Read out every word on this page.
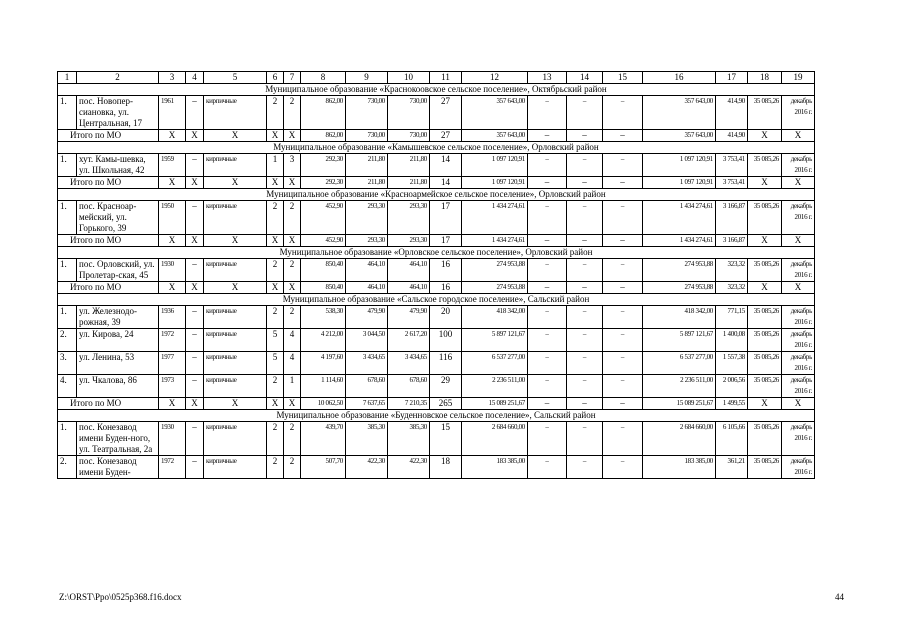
1	2	3	4	5	6	7	8	9	10	11	12	13	14	15	16	17	18	19
Муниципальное образование «Краснокоовское сельское поселение», Октябрьский район																		
1.	пос. Новопер-сиановка, ул. Центральная, 17	1961	–	кирпичные	2	2	862,00	730,00	730,00	27	357 643,00	–	–	–	357 643,00	414,90	35 085,26	декабрь 2016 г.
Итого по МО		X	X	X	X	X	862,00	730,00	730,00	27	357 643,00	–	–	–	357 643,00	414,90	X	X
Муниципальное образование «Камышевское сельское поселение», Орловский район																		
1.	хут. Камы-шевка, ул. Школьная, 42	1959	–	кирпичные	1	3	292,30	211,80	211,80	14	1 097 120,91	–	–	–	1 097 120,91	3 753,41	35 085,26	декабрь 2016 г.
Итого по МО		X	X	X	X	X	292,30	211,80	211,80	14	1 097 120,91	–	–	–	1 097 120,91	3 753,41	X	X
Муниципальное образование «Красноармейское сельское поселение», Орловский район																		
1.	пос. Красноар-мейский, ул. Горького, 39	1950	–	кирпичные	2	2	452,90	293,30	293,30	17	1 434 274,61	–	–	–	1 434 274,61	3 166,87	35 085,26	декабрь 2016 г.
Итого по МО		X	X	X	X	X	452,90	293,30	293,30	17	1 434 274,61	–	–	–	1 434 274,61	3 166,87	X	X
Муниципальное образование «Орловское сельское поселение», Орловский район																		
1.	пос. Орловский, ул. Пролетар-ская, 45	1930	–	кирпичные	2	2	850,40	464,10	464,10	16	274 953,88	–	–	–	274 953,88	323,32	35 085,26	декабрь 2016 г.
Итого по МО		X	X	X	X	X	850,40	464,10	464,10	16	274 953,88	–	–	–	274 953,88	323,32	X	X
Муниципальное образование «Сальское городское поселение», Сальский район																		
1.	ул. Железнодо-рожная, 39	1936	–	кирпичные	2	2	538,30	479,90	479,90	20	418 342,00	–	–	–	418 342,00	771,15	35 085,26	декабрь 2016 г.
2.	ул. Кирова, 24	1972	–	кирпичные	5	4	4 212,00	3 044,50	2 617,20	100	5 897 121,67	–	–	–	5 897 121,67	1 400,08	35 085,26	декабрь 2016 г.
3.	ул. Ленина, 53	1977	–	кирпичные	5	4	4 197,60	3 434,65	3 434,65	116	6 537 277,00	–	–	–	6 537 277,00	1 557,38	35 085,26	декабрь 2016 г.
4.	ул. Чкалова, 86	1973	–	кирпичные	2	1	1 114,60	678,60	678,60	29	2 236 511,00	–	–	–	2 236 511,00	2 006,56	35 085,26	декабрь 2016 г.
Итого по МО		X	X	X	X	X	10 062,50	7 637,65	7 210,35	265	15 089 251,67	–	–	–	15 089 251,67	1 499,55	X	X
Муниципальное образование «Буденновское сельское поселение», Сальский район																		
1.	пос. Конезавод имени Буден-ного, ул. Театральная, 2а	1930	–	кирпичные	2	2	439,70	385,30	385,30	15	2 684 660,00	–	–	–	2 684 660,00	6 105,66	35 085,26	декабрь 2016 г.
2.	пос. Конезавод имени Буден-	1972	–	кирпичные	2	2	507,70	422,30	422,30	18	183 385,00	–	–	–	183 385,00	361,21	35 085,26	декабрь 2016 г.
Z:\ORST\Ppo\0525p368.f16.docx	44
